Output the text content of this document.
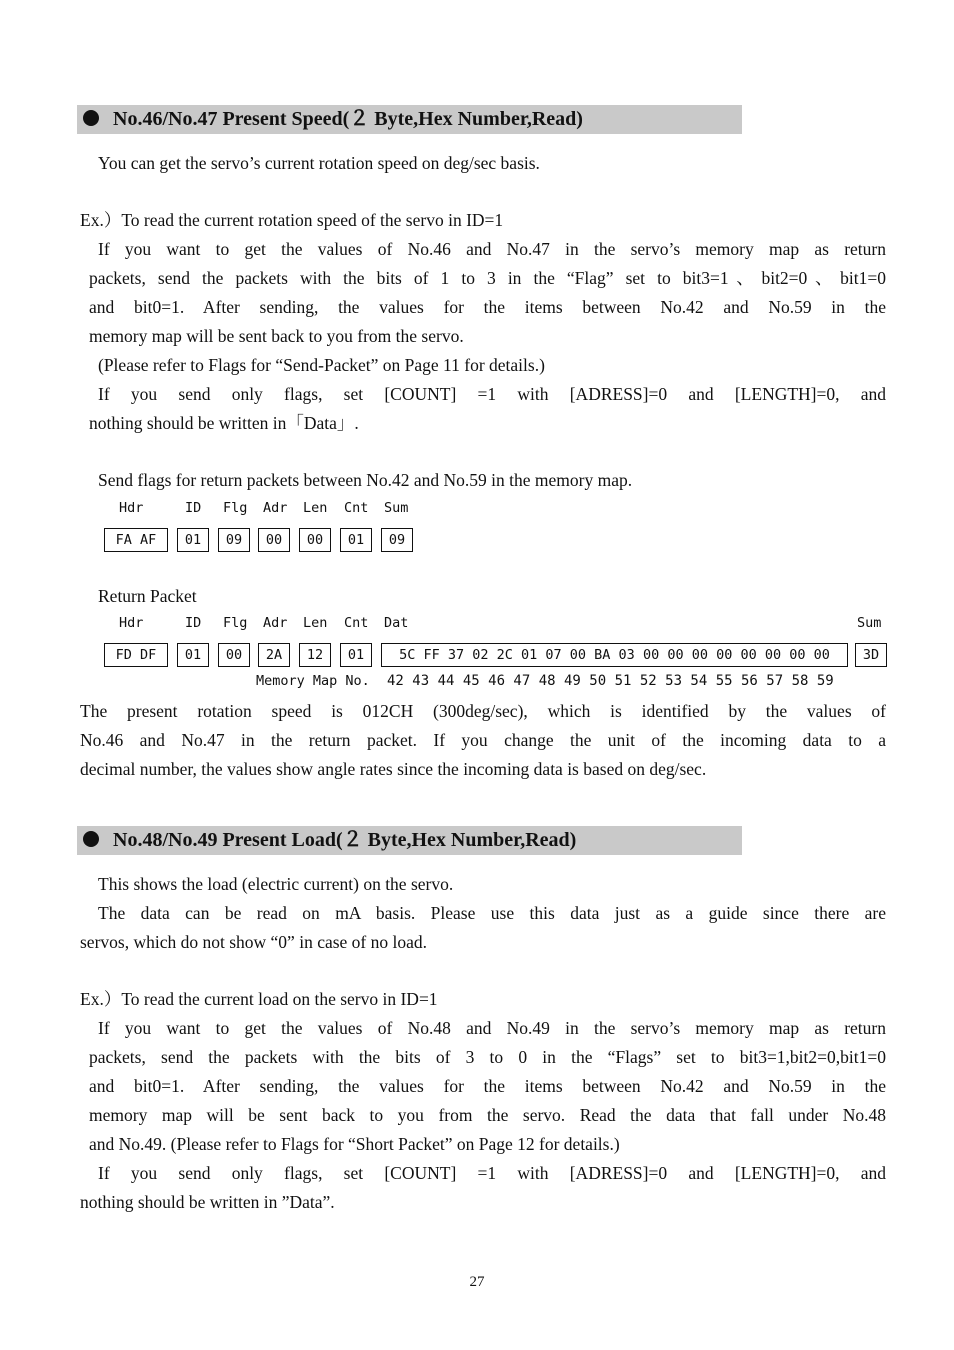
No.46/No.47 Present Speed(２ Byte,Hex Number,Read)
You can get the servo’s current rotation speed on deg/sec basis.
Ex.）To read the current rotation speed of the servo in ID=1
If you want to get the values of No.46 and No.47 in the servo’s memory map as return
packets, send the packets with the bits of 1 to 3 in the “Flag” set to bit3=1、bit2=0、bit1=0
and bit0=1. After sending, the values for the items between No.42 and No.59 in the
memory map will be sent back to you from the servo.
(Please refer to Flags for “Send-Packet” on Page 11 for details.)
If you send only flags, set [COUNT] =1 with [ADRESS]=0 and [LENGTH]=0, and
nothing should be written in「Data」.
Send flags for return packets between No.42 and No.59 in the memory map.
Hdr	ID Flg Adr Len Cnt Sum
FA AF	01	09	00	00	01	09
Return Packet
Hdr	ID Flg Adr Len Cnt Dat	Sum
FD DF	01	00	2A	12	01	5C FF 37 02 2C 01 07 00 BA 03 00 00 00 00 00 00 00 00	3D
Memory Map No. 42 43 44 45 46 47 48 49 50 51 52 53 54 55 56 57 58 59
The present rotation speed is 012CH (300deg/sec), which is identified by the values of
No.46 and No.47 in the return packet. If you change the unit of the incoming data to a
decimal number, the values show angle rates since the incoming data is based on deg/sec.
No.48/No.49 Present Load(２ Byte,Hex Number,Read)
This shows the load (electric current) on the servo.
The data can be read on mA basis. Please use this data just as a guide since there are
servos, which do not show “0” in case of no load.
Ex.）To read the current load on the servo in ID=1
If you want to get the values of No.48 and No.49 in the servo’s memory map as return
packets, send the packets with the bits of 3 to 0 in the “Flags” set to bit3=1,bit2=0,bit1=0
and bit0=1. After sending, the values for the items between No.42 and No.59 in the
memory map will be sent back to you from the servo. Read the data that fall under No.48
and No.49. (Please refer to Flags for “Short Packet” on Page 12 for details.)
If you send only flags, set [COUNT] =1 with [ADRESS]=0 and [LENGTH]=0, and
nothing should be written in ”Data”.
27
